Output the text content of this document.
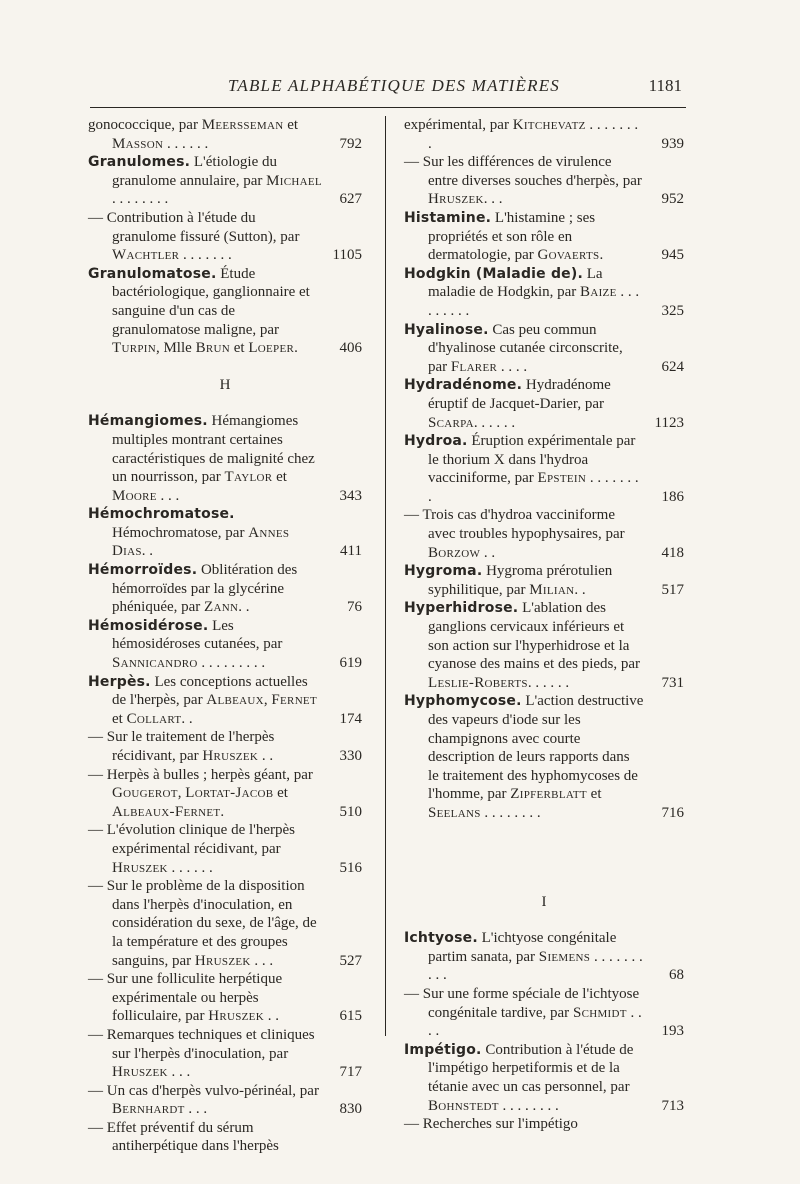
TABLE ALPHABÉTIQUE DES MATIÈRES	1181
gonococcique, par Meersseman et Masson . . . . . .	792
Granulomes. L'étiologie du granulome annulaire, par Michael . . . . . . . .	627
— Contribution à l'étude du granulome fissuré (Sutton), par Wachtler . . . . . . .	1105
Granulomatose. Étude bactériologique, ganglionnaire et sanguine d'un cas de granulomatose maligne, par Turpin, Mlle Brun et Loeper.	406
H
Hémangiomes. Hémangiomes multiples montrant certaines caractéristiques de malignité chez un nourrisson, par Taylor et Moore . . .	343
Hémochromatose. Hémochromatose, par Annes Dias. .	411
Hémorroïdes. Oblitération des hémorroïdes par la glycérine phéniquée, par Zann. .	76
Hémosidérose. Les hémosidéroses cutanées, par Sannicandro . . . . . . . . .	619
Herpès. Les conceptions actuelles de l'herpès, par Albeaux, Fernet et Collart. .	174
— Sur le traitement de l'herpès récidivant, par Hruszek . .	330
— Herpès à bulles ; herpès géant, par Gougerot, Lortat-Jacob et Albeaux-Fernet.	510
— L'évolution clinique de l'herpès expérimental récidivant, par Hruszek . . . . . .	516
— Sur le problème de la disposition dans l'herpès d'inoculation, en considération du sexe, de l'âge, de la température et des groupes sanguins, par Hruszek . . .	527
— Sur une folliculite herpétique expérimentale ou herpès folliculaire, par Hruszek . .	615
— Remarques techniques et cliniques sur l'herpès d'inoculation, par Hruszek . . .	717
— Un cas d'herpès vulvo-périnéal, par Bernhardt . . .	830
— Effet préventif du sérum antiherpétique dans l'herpès
expérimental, par Kitchevatz . . . . . . . .	939
— Sur les différences de virulence entre diverses souches d'herpès, par Hruszek. . .	952
Histamine. L'histamine ; ses propriétés et son rôle en dermatologie, par Govaerts.	945
Hodgkin (Maladie de). La maladie de Hodgkin, par Baize . . . . . . . . .	325
Hyalinose. Cas peu commun d'hyalinose cutanée circonscrite, par Flarer . . . .	624
Hydradénome. Hydradénome éruptif de Jacquet-Darier, par Scarpa. . . . . .	1123
Hydroa. Éruption expérimentale par le thorium X dans l'hydroa vacciniforme, par Epstein . . . . . . . .	186
— Trois cas d'hydroa vacciniforme avec troubles hypophysaires, par Borzow . .	418
Hygroma. Hygroma prérotulien syphilitique, par Milian. .	517
Hyperhidrose. L'ablation des ganglions cervicaux inférieurs et son action sur l'hyperhidrose et la cyanose des mains et des pieds, par Leslie-Roberts. . . . . .	731
Hyphomycose. L'action destructive des vapeurs d'iode sur les champignons avec courte description de leurs rapports dans le traitement des hyphomycoses de l'homme, par Zipferblatt et Seelans . . . . . . . .	716
I
Ichtyose. L'ichtyose congénitale partim sanata, par Siemens . . . . . . . . . .	68
— Sur une forme spéciale de l'ichtyose congénitale tardive, par Schmidt . . . .	193
Impétigo. Contribution à l'étude de l'impétigo herpetiformis et de la tétanie avec un cas personnel, par Bohnstedt . . . . . . . .	713
— Recherches sur l'impétigo
